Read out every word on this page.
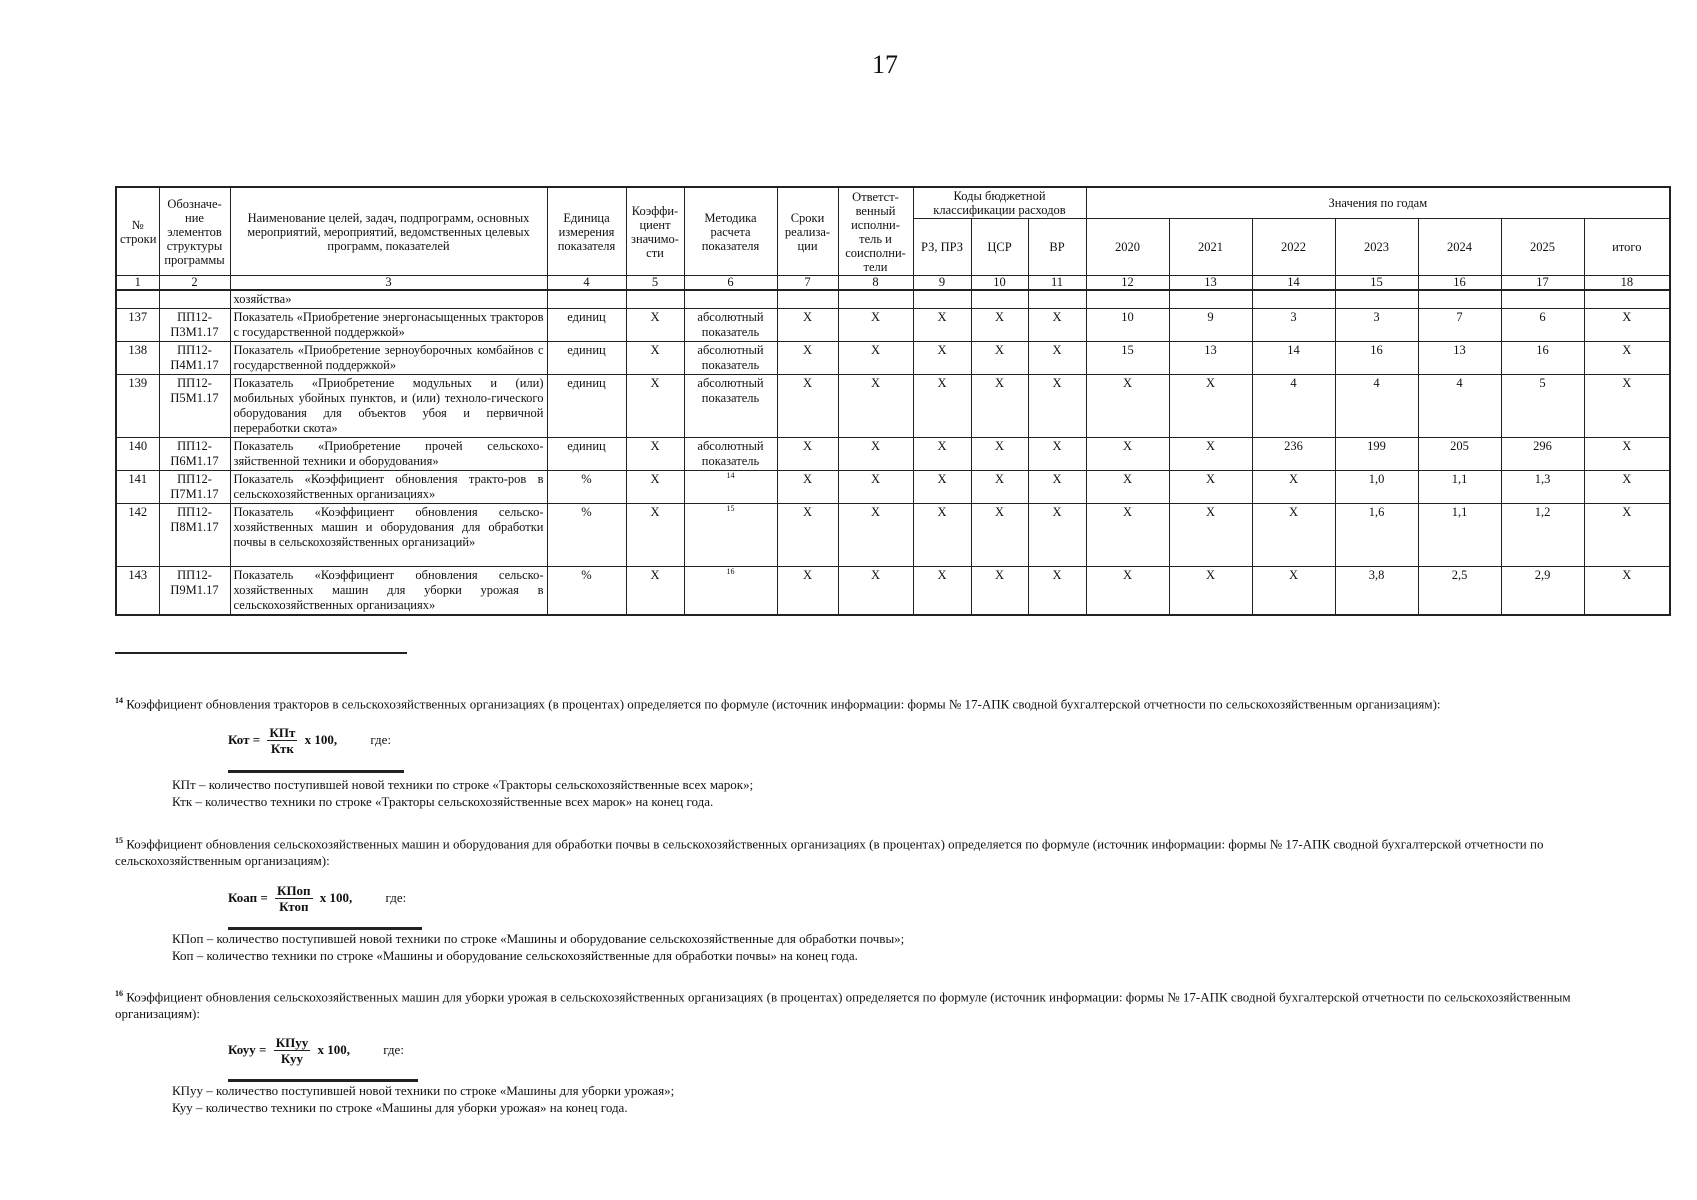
17
№ строки	Обозначе-ние элементов структуры программы	Наименование целей, задач, подпрограмм, основных мероприятий, мероприятий, ведомственных целевых программ, показателей	Единица измерения показателя	Коэффи-циент значимо-сти	Методика расчета показателя	Сроки реализа-ции	Ответст-венный исполни-тель и соисполни-тели	Коды бюджетной классификации расходов			Значения по годам						
								РЗ, ПРЗ	ЦСР	ВР	2020	2021	2022	2023	2024	2025	итого
1	2	3	4	5	6	7	8	9	10	11	12	13	14	15	16	17	18
		хозяйства»															
137	ПП12-П3М1.17	Показатель «Приобретение энергонасыщенных тракторов с государственной поддержкой»	единиц	Х	абсолютный показатель	Х	Х	Х	Х	Х	10	9	3	3	7	6	Х
138	ПП12-П4М1.17	Показатель «Приобретение зерноуборочных комбайнов с государственной поддержкой»	единиц	Х	абсолютный показатель	Х	Х	Х	Х	Х	15	13	14	16	13	16	Х
139	ПП12-П5М1.17	Показатель «Приобретение модульных и (или) мобильных убойных пунктов, и (или) техноло-гического оборудования для объектов убоя и первичной переработки скота»	единиц	Х	абсолютный показатель	Х	Х	Х	Х	Х	Х	Х	4	4	4	5	Х
140	ПП12-П6М1.17	Показатель «Приобретение прочей сельскохо-зяйственной техники и оборудования»	единиц	Х	абсолютный показатель	Х	Х	Х	Х	Х	Х	Х	236	199	205	296	Х
141	ПП12-П7М1.17	Показатель «Коэффициент обновления тракто-ров в сельскохозяйственных организациях»	%	Х	$^{14}$	Х	Х	Х	Х	Х	Х	Х	Х	1,0	1,1	1,3	Х
142	ПП12-П8М1.17	Показатель «Коэффициент обновления сельско-хозяйственных машин и оборудования для обработки почвы в сельскохозяйственных организаций»	%	Х	$^{15}$	Х	Х	Х	Х	Х	Х	Х	Х	1,6	1,1	1,2	Х
143	ПП12-П9М1.17	Показатель «Коэффициент обновления сельско-хозяйственных машин для уборки урожая в сельскохозяйственных организациях»	%	Х	$^{16}$	Х	Х	Х	Х	Х	Х	Х	Х	3,8	2,5	2,9	Х
$^{14}$ Коэффициент обновления тракторов в сельскохозяйственных организациях (в процентах) определяется по формуле (источник информации: формы № 17-АПК сводной бухгалтерской отчетности по сельскохозяйственным организациям):
Кот = $\frac{\text{КПт}}{\text{Ктк}}$ х 100,	где:
КПт – количество поступившей новой техники по строке «Тракторы сельскохозяйственные всех марок»;
Ктк – количество техники по строке «Тракторы сельскохозяйственные всех марок» на конец года.
$^{15}$ Коэффициент обновления сельскохозяйственных машин и оборудования для обработки почвы в сельскохозяйственных организациях (в процентах) определяется по формуле (источник информации: формы № 17-АПК сводной бухгалтерской отчетности по сельскохозяйственным организациям):
Коап = $\frac{\text{КПоп}}{\text{Ктоп}}$ х 100,	где:
КПоп – количество поступившей новой техники по строке «Машины и оборудование сельскохозяйственные для обработки почвы»;
Коп – количество техники по строке «Машины и оборудование сельскохозяйственные для обработки почвы» на конец года.
$^{16}$ Коэффициент обновления сельскохозяйственных машин для уборки урожая в сельскохозяйственных организациях (в процентах) определяется по формуле (источник информации: формы № 17-АПК сводной бухгалтерской отчетности по сельскохозяйственным организациям):
Коуу = $\frac{\text{КПуу}}{\text{Куу}}$ х 100,	где:
КПуу – количество поступившей новой техники по строке «Машины для уборки урожая»;
Куу – количество техники по строке «Машины для уборки урожая» на конец года.
